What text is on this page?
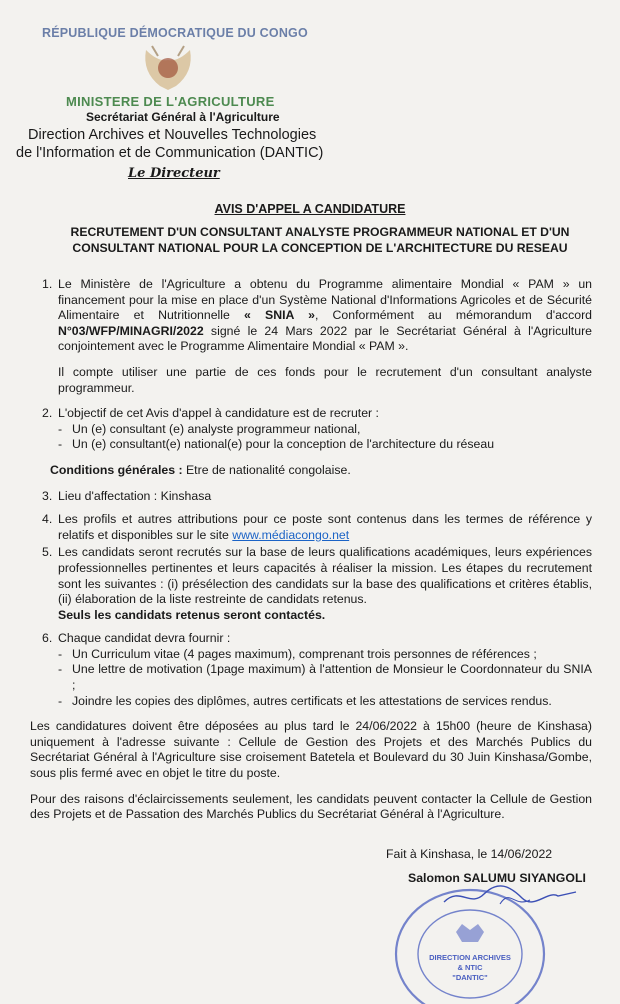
RÉPUBLIQUE DÉMOCRATIQUE DU CONGO
MINISTERE DE L'AGRICULTURE
Secrétariat Général à l'Agriculture
Direction Archives et Nouvelles Technologies
de l'Information et de Communication (DANTIC)
Le Directeur
AVIS D'APPEL A CANDIDATURE
RECRUTEMENT D'UN CONSULTANT ANALYSTE PROGRAMMEUR NATIONAL ET D'UN CONSULTANT NATIONAL POUR LA CONCEPTION DE L'ARCHITECTURE DU RESEAU
1. Le Ministère de l'Agriculture a obtenu du Programme alimentaire Mondial « PAM » un financement pour la mise en place d'un Système National d'Informations Agricoles et de Sécurité Alimentaire et Nutritionnelle « SNIA », Conformément au mémorandum d'accord N°03/WFP/MINAGRI/2022 signé le 24 Mars 2022 par le Secrétariat Général à l'Agriculture conjointement avec le Programme Alimentaire Mondial « PAM ».

Il compte utiliser une partie de ces fonds pour le recrutement d'un consultant analyste programmeur.

2. L'objectif de cet Avis d'appel à candidature est de recruter :
- Un (e) consultant (e) analyste programmeur national,
- Un (e) consultant(e) national(e) pour la conception de l'architecture du réseau
Conditions générales : Etre de nationalité congolaise.
3. Lieu d'affectation : Kinshasa
4. Les profils et autres attributions pour ce poste sont contenus dans les termes de référence y relatifs et disponibles sur le site www.médiacongo.net
5. Les candidats seront recrutés sur la base de leurs qualifications académiques, leurs expériences professionnelles pertinentes et leurs capacités à réaliser la mission. Les étapes du recrutement sont les suivantes : (i) présélection des candidats sur la base des qualifications et critères établis, (ii) élaboration de la liste restreinte de candidats retenus.
Seuls les candidats retenus seront contactés.
6. Chaque candidat devra fournir :
- Un Curriculum vitae (4 pages maximum), comprenant trois personnes de références ;
- Une lettre de motivation (1page maximum) à l'attention de Monsieur le Coordonnateur du SNIA ;
- Joindre les copies des diplômes, autres certificats et les attestations de services rendus.

Les candidatures doivent être déposées au plus tard le 24/06/2022 à 15h00 (heure de Kinshasa) uniquement à l'adresse suivante : Cellule de Gestion des Projets et des Marchés Publics du Secrétariat Général à l'Agriculture sise croisement Batetela et Boulevard du 30 Juin Kinshasa/Gombe, sous plis fermé avec en objet le titre du poste.

Pour des raisons d'éclaircissements seulement, les candidats peuvent contacter la Cellule de Gestion des Projets et de Passation des Marchés Publics du Secrétariat Général à l'Agriculture.

Fait à Kinshasa, le 14/06/2022
DIRECTION ARCHIVES
& NTIC
"DANTIC"
Salomon SALUMU SIYANGOLI
